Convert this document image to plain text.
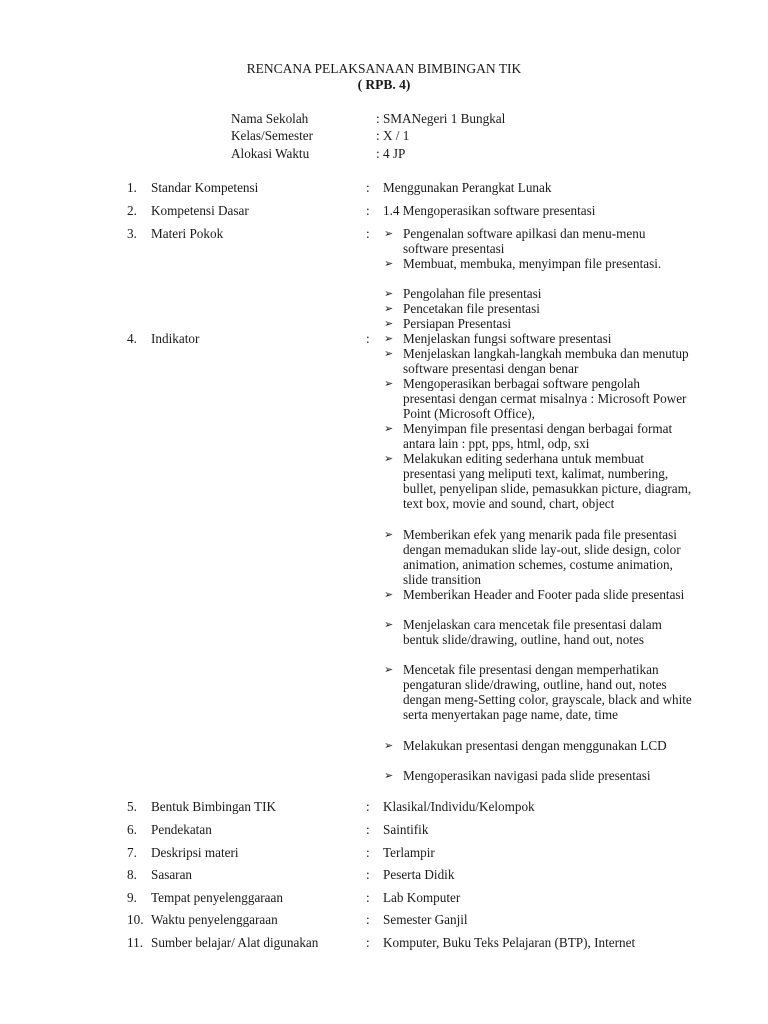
RENCANA PELAKSANAAN BIMBINGAN TIK
( RPB. 4)
Nama Sekolah	: SMANegeri 1 Bungkal
Kelas/Semester	: X / 1
Alokasi Waktu	: 4 JP
1. Standar Kompetensi	: Menggunakan Perangkat Lunak
2. Kompetensi Dasar	: 1.4 Mengoperasikan software presentasi
3. Materi Pokok	: ➢ Pengenalan software apilkasi dan menu-menu software presentasi
➢ Membuat, membuka, menyimpan file presentasi.
➢ Pengolahan file presentasi
➢ Pencetakan file presentasi
➢ Persiapan Presentasi
4. Indikator	: ➢ Menjelaskan fungsi software presentasi
➢ Menjelaskan langkah-langkah membuka dan menutup software presentasi dengan benar
➢ Mengoperasikan berbagai software pengolah presentasi dengan cermat misalnya : Microsoft Power Point (Microsoft Office),
➢ Menyimpan file presentasi dengan berbagai format antara lain : ppt, pps, html, odp, sxi
➢ Melakukan editing sederhana untuk membuat presentasi yang meliputi text, kalimat, numbering, bullet, penyelipan slide, pemasukkan picture, diagram, text box, movie and sound, chart, object
➢ Memberikan efek yang menarik pada file presentasi dengan memadukan slide lay-out, slide design, color animation, animation schemes, costume animation, slide transition
➢ Memberikan Header and Footer pada slide presentasi
➢ Menjelaskan cara mencetak file presentasi dalam bentuk slide/drawing, outline, hand out, notes
➢ Mencetak file presentasi dengan memperhatikan pengaturan slide/drawing, outline, hand out, notes dengan meng-Setting color, grayscale, black and white serta menyertakan page name, date, time
➢ Melakukan presentasi dengan menggunakan LCD
➢ Mengoperasikan navigasi pada slide presentasi
5. Bentuk Bimbingan TIK	: Klasikal/Individu/Kelompok
6. Pendekatan	: Saintifik
7. Deskripsi materi	: Terlampir
8. Sasaran	: Peserta Didik
9. Tempat penyelenggaraan	: Lab Komputer
10. Waktu penyelenggaraan	: Semester Ganjil
11. Sumber belajar/ Alat digunakan	: Komputer, Buku Teks Pelajaran (BTP), Internet
